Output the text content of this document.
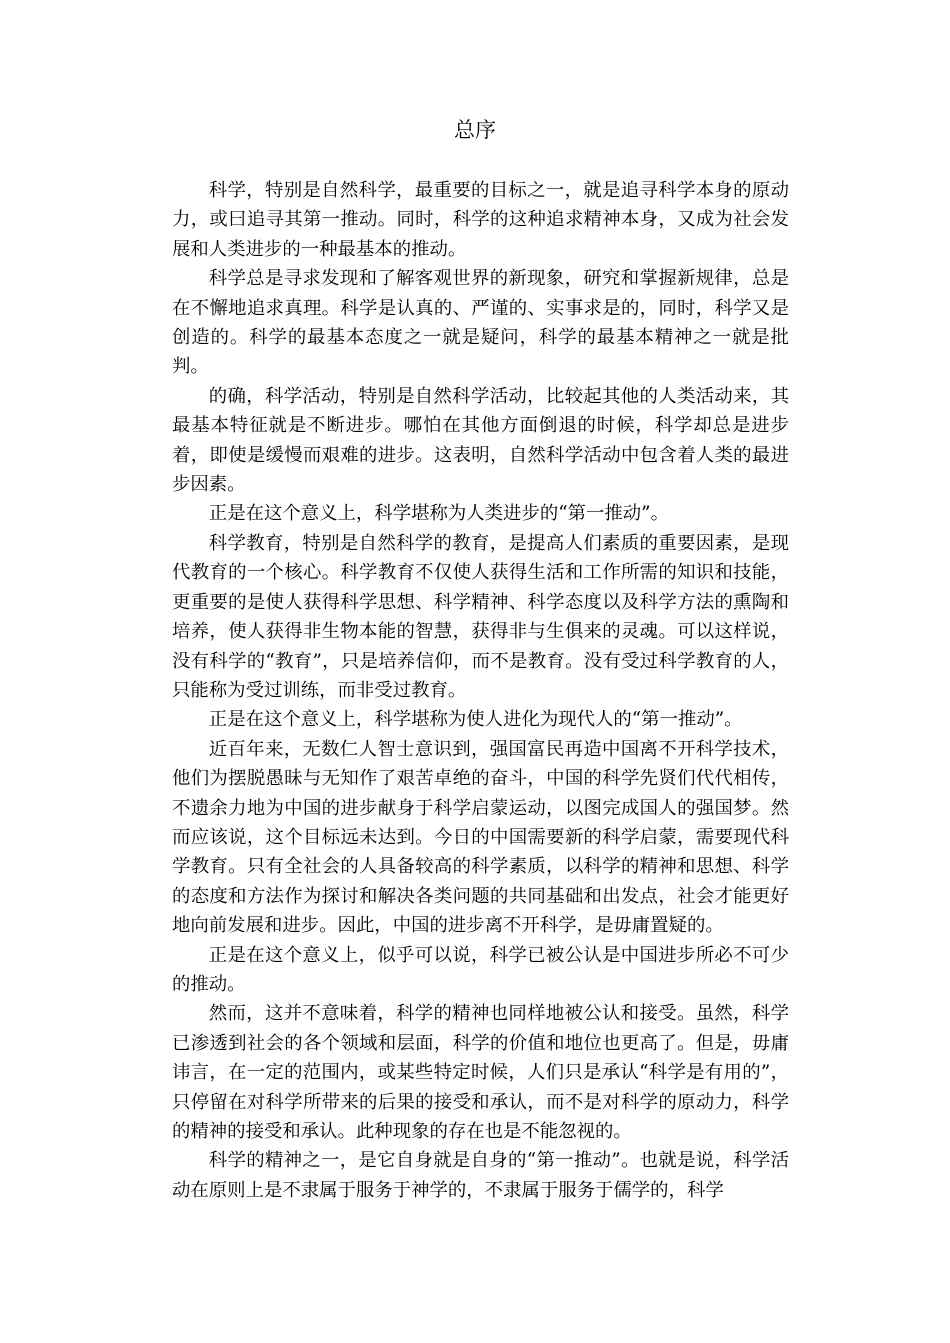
总序

科学，特别是自然科学，最重要的目标之一，就是追寻科学本身的原动力，或曰追寻其第一推动。同时，科学的这种追求精神本身，又成为社会发展和人类进步的一种最基本的推动。

科学总是寻求发现和了解客观世界的新现象，研究和掌握新规律，总是在不懈地追求真理。科学是认真的、严谨的、实事求是的，同时，科学又是创造的。科学的最基本态度之一就是疑问，科学的最基本精神之一就是批判。

的确，科学活动，特别是自然科学活动，比较起其他的人类活动来，其最基本特征就是不断进步。哪怕在其他方面倒退的时候，科学却总是进步着，即使是缓慢而艰难的进步。这表明，自然科学活动中包含着人类的最进步因素。

正是在这个意义上，科学堪称为人类进步的“第一推动”。

科学教育，特别是自然科学的教育，是提高人们素质的重要因素，是现代教育的一个核心。科学教育不仅使人获得生活和工作所需的知识和技能，更重要的是使人获得科学思想、科学精神、科学态度以及科学方法的熏陶和培养，使人获得非生物本能的智慧，获得非与生俱来的灵魂。可以这样说，没有科学的“教育”，只是培养信仰，而不是教育。没有受过科学教育的人，只能称为受过训练，而非受过教育。

正是在这个意义上，科学堪称为使人进化为现代人的“第一推动”。

近百年来，无数仁人智士意识到，强国富民再造中国离不开科学技术，他们为摆脱愚昧与无知作了艰苦卓绝的奋斗，中国的科学先贤们代代相传，不遗余力地为中国的进步献身于科学启蒙运动，以图完成国人的强国梦。然而应该说，这个目标远未达到。今日的中国需要新的科学启蒙，需要现代科学教育。只有全社会的人具备较高的科学素质，以科学的精神和思想、科学的态度和方法作为探讨和解决各类问题的共同基础和出发点，社会才能更好地向前发展和进步。因此，中国的进步离不开科学，是毋庸置疑的。

正是在这个意义上，似乎可以说，科学已被公认是中国进步所必不可少的推动。

然而，这并不意味着，科学的精神也同样地被公认和接受。虽然，科学已渗透到社会的各个领域和层面，科学的价值和地位也更高了。但是，毋庸讳言，在一定的范围内，或某些特定时候，人们只是承认“科学是有用的”，只停留在对科学所带来的后果的接受和承认，而不是对科学的原动力，科学的精神的接受和承认。此种现象的存在也是不能忽视的。

科学的精神之一，是它自身就是自身的“第一推动”。也就是说，科学活动在原则上是不隶属于服务于神学的，不隶属于服务于儒学的，科学
